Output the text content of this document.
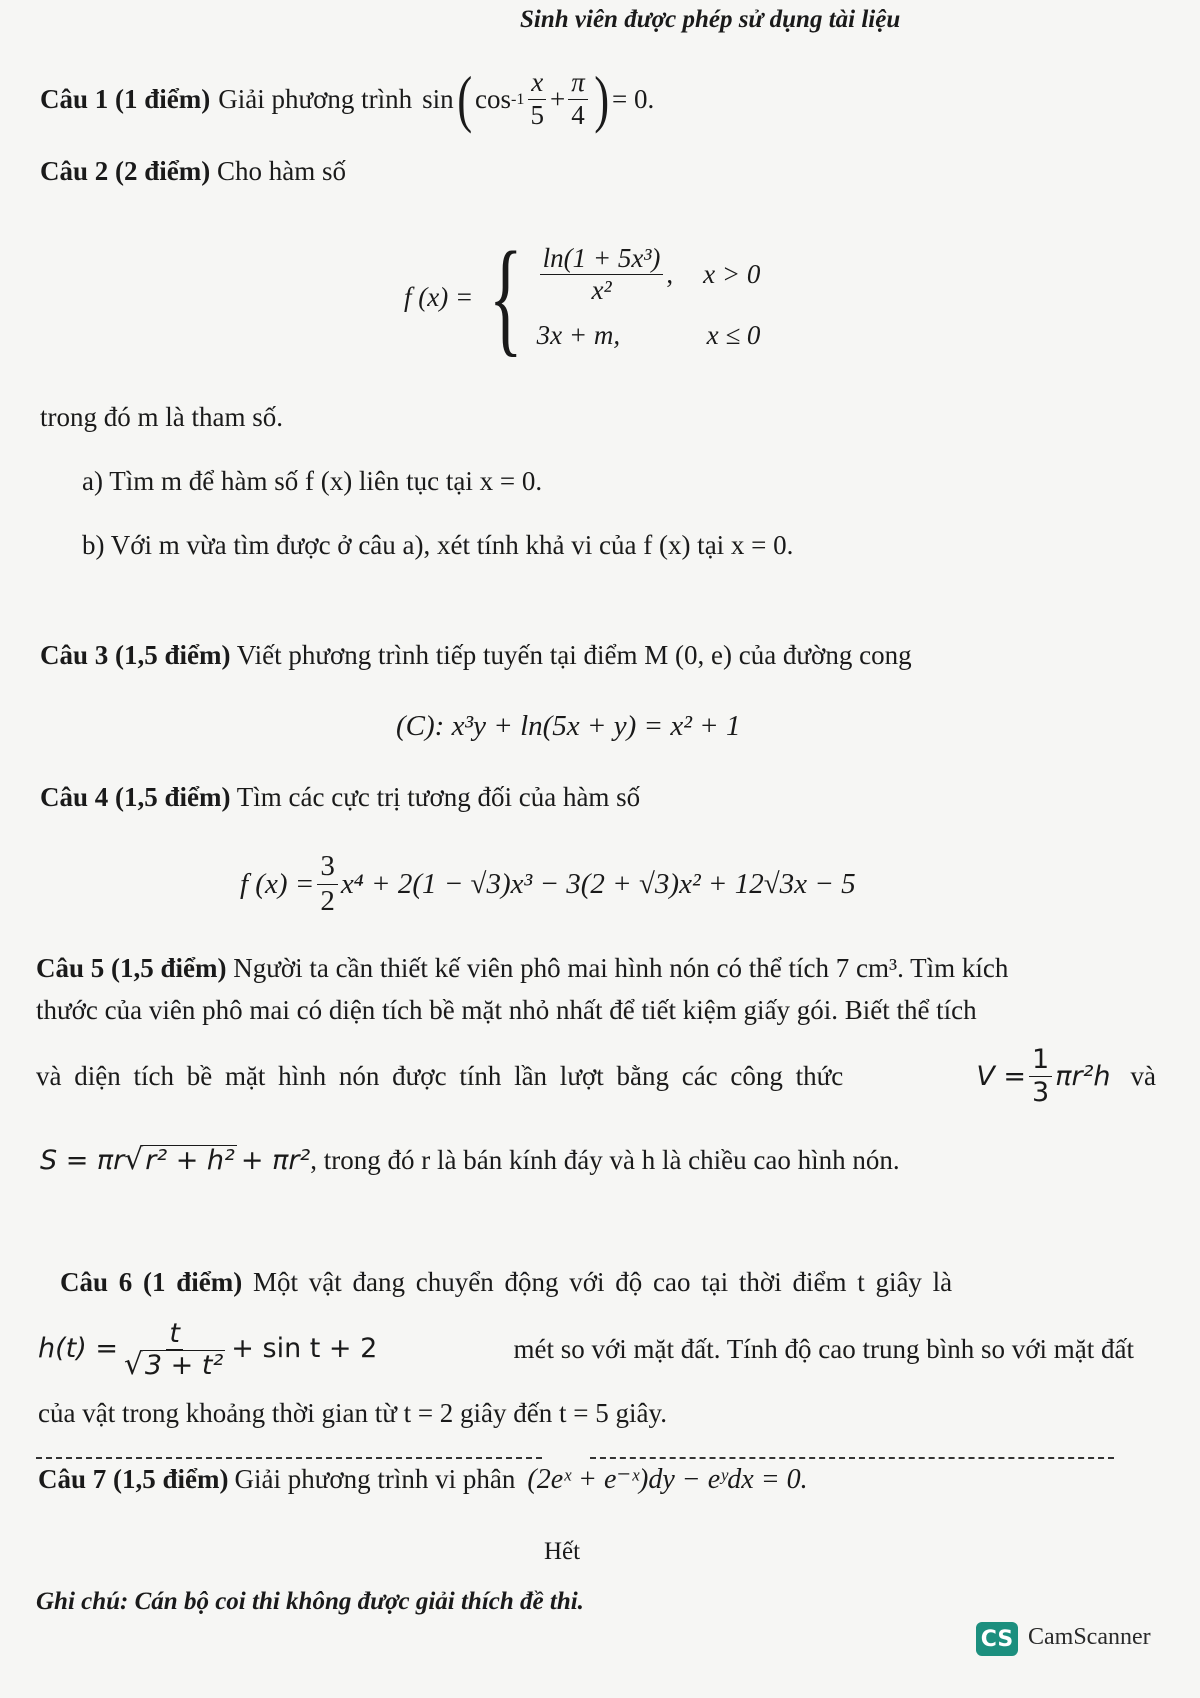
Sinh viên được phép sử dụng tài liệu
Câu 1 (1 điểm) Giải phương trình sin ( $\cos -1 \frac{x}{5} + \frac{\pi}{4}$ ) = 0 .
Câu 2 (2 điểm) Cho hàm số
f (x) = { $\frac{\text{ln(1 + 5x³)}}{\text{x²}}$ , x > 0
3x + m,	x ≤ 0
trong đó m là tham số.
a) Tìm m để hàm số f (x) liên tục tại x = 0.
b) Với m vừa tìm được ở câu a), xét tính khả vi của f (x) tại x = 0.
Câu 3 (1,5 điểm) Viết phương trình tiếp tuyến tại điểm M (0, e) của đường cong
(C): x³y + ln(5x + y) = x² + 1
Câu 4 (1,5 điểm) Tìm các cực trị tương đối của hàm số
f $(x) = \frac{3}{2} x^4 + 2(1 - √3)x^3 - 3(2 + √3)x^2 + 12√3x - 5$
Câu 5 (1,5 điểm) Người ta cần thiết kế viên phô mai hình nón có thể tích 7 cm³. Tìm kích
thước của viên phô mai có diện tích bề mặt nhỏ nhất để tiết kiệm giấy gói. Biết thể tích
và diện tích bề mặt hình nón được tính lần lượt bằng các công thức	$V = \frac{1}{3} \pi r^2h$ và
S = πr √ r² + h² + πr² , trong đó r là bán kính đáy và h là chiều cao hình nón.
Câu 6 (1 điểm) Một vật đang chuyển động với độ cao tại thời điểm t giây là
$h(t) = \frac{t}{\text{√ 3 + t²}} + \sin t + 2$	mét so với mặt đất. Tính độ cao trung bình so với mặt đất
của vật trong khoảng thời gian từ t = 2 giây đến t = 5 giây.
Câu 7 (1,5 điểm) Giải phương trình vi phân (2eˣ + e⁻ˣ)dy − eʸdx = 0.
Hết
Ghi chú: Cán bộ coi thi không được giải thích đề thi.
CS CamScanner
